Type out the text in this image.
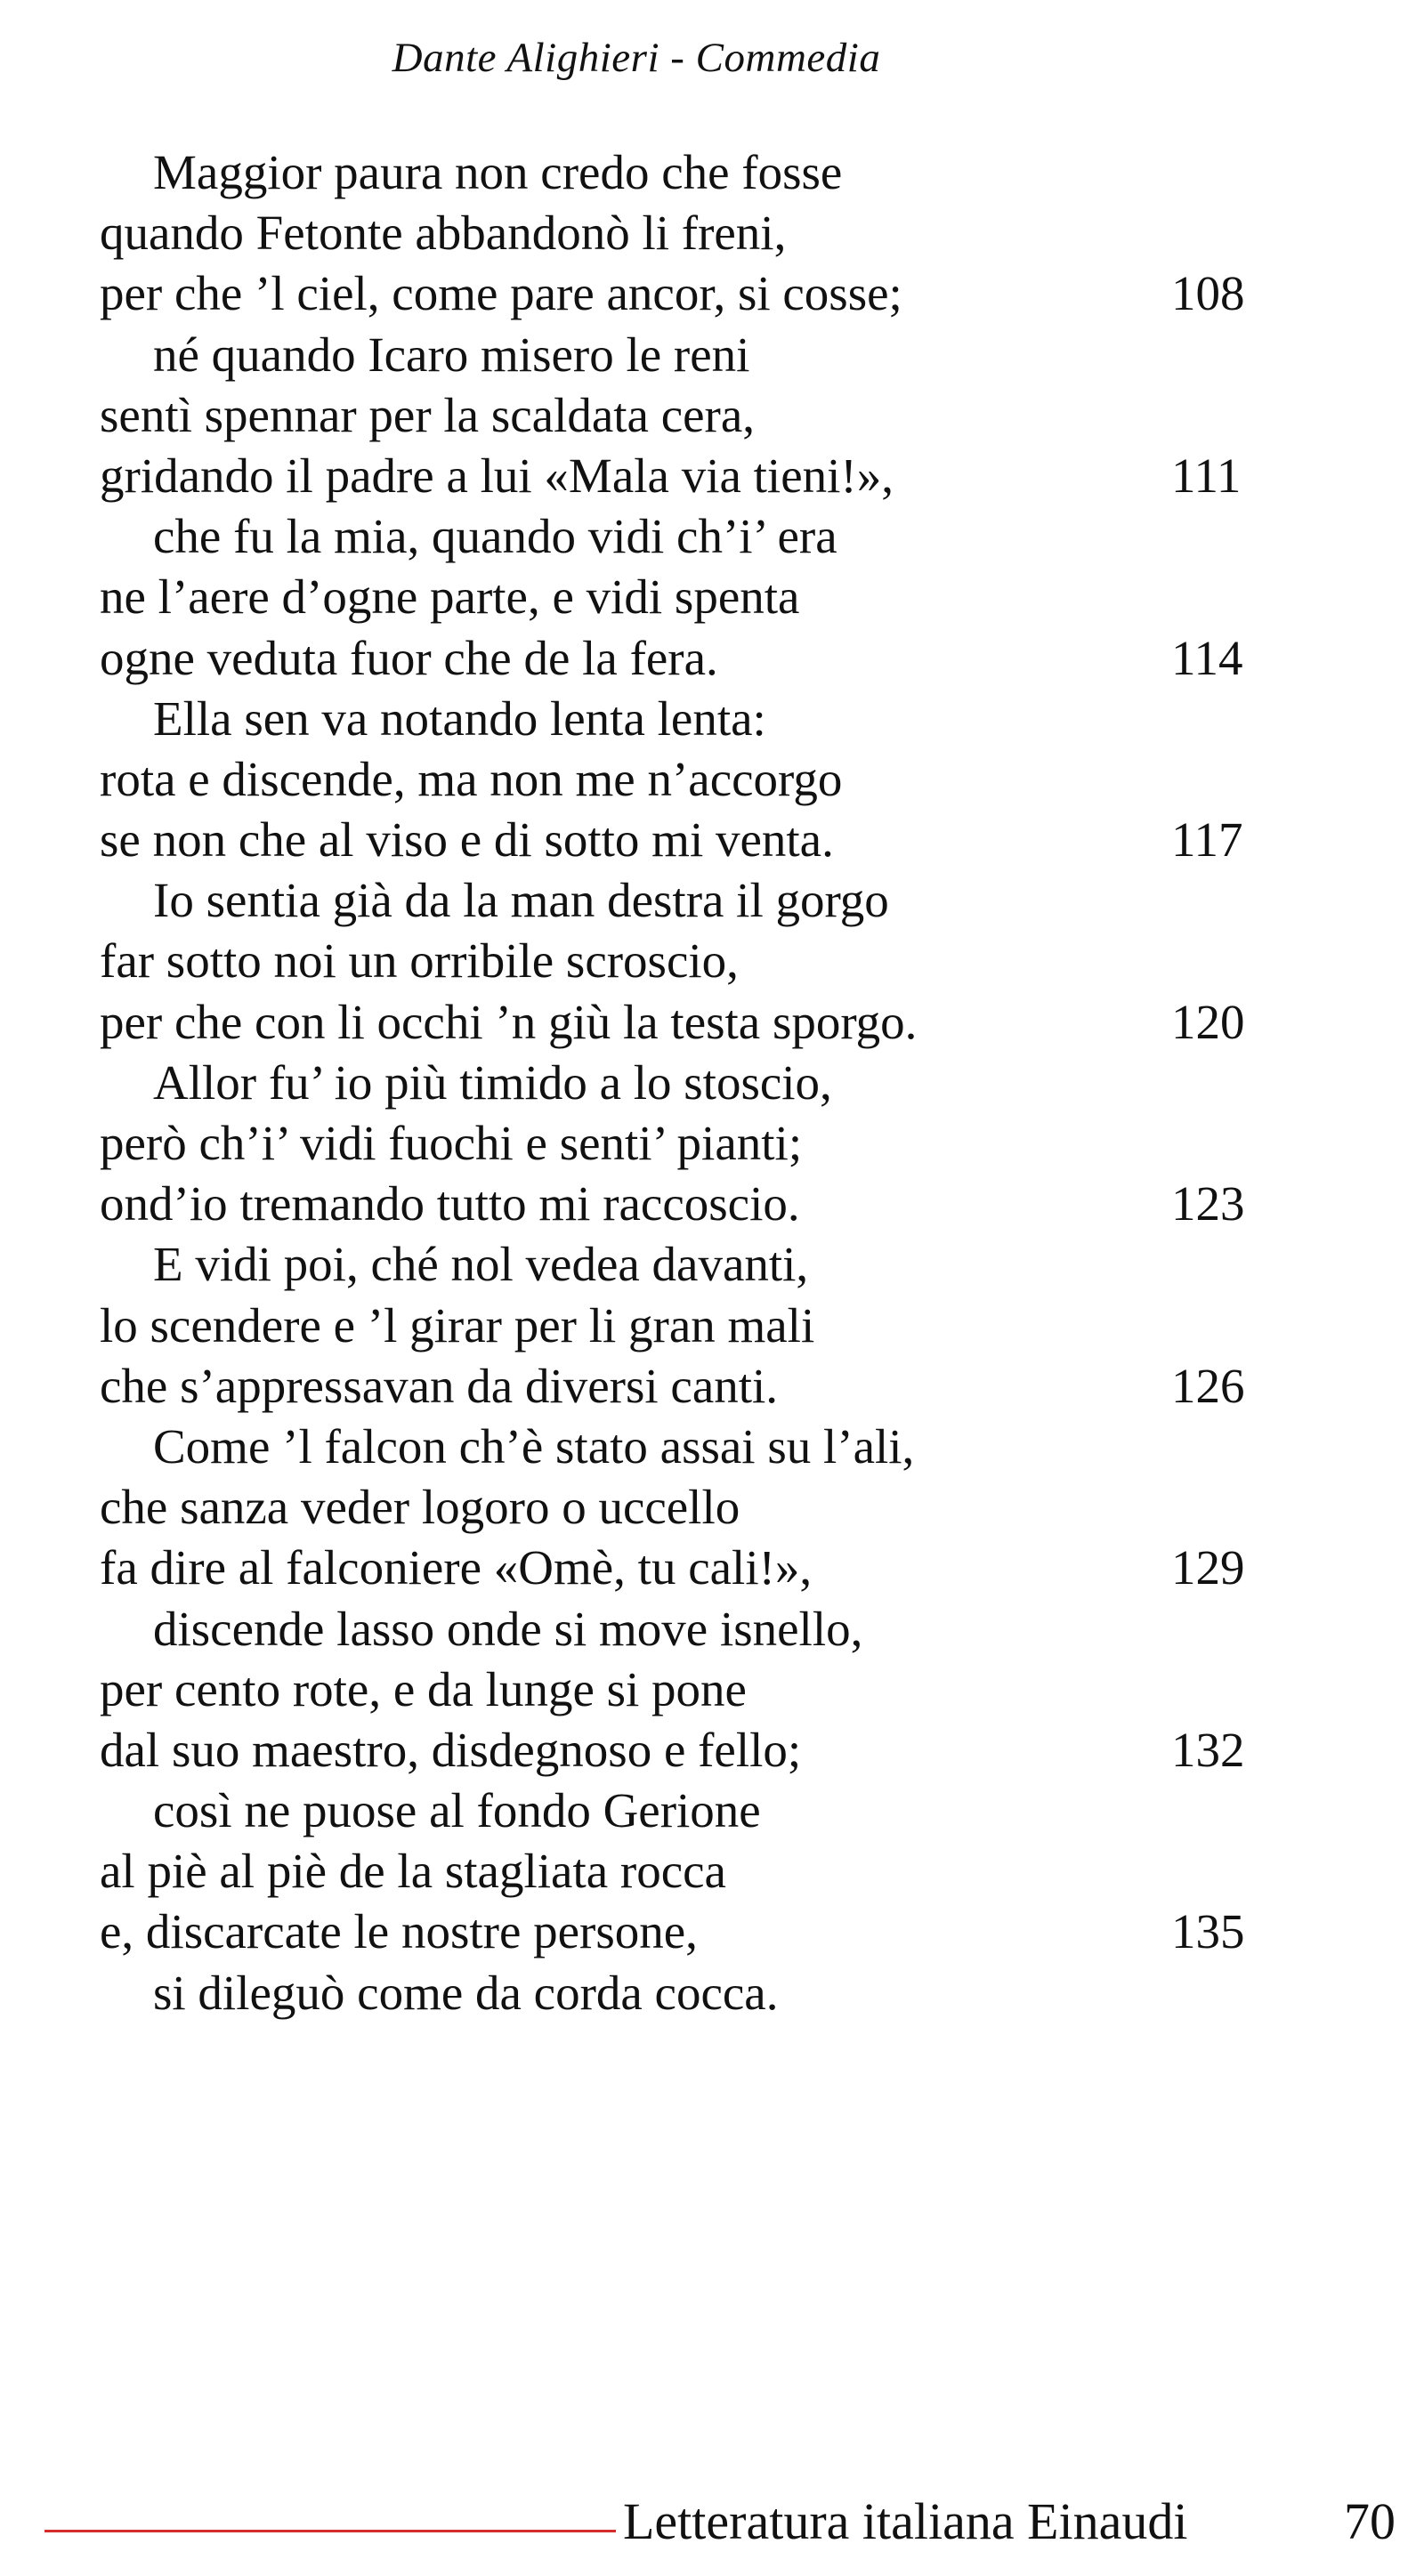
Dante Alighieri - Commedia
Maggior paura non credo che fosse
quando Fetonte abbandonò li freni,
per che ’l ciel, come pare ancor, si cosse;	108
né quando Icaro misero le reni
sentì spennar per la scaldata cera,
gridando il padre a lui «Mala via tieni!»,	111
che fu la mia, quando vidi ch’i’ era
ne l’aere d’ogne parte, e vidi spenta
ogne veduta fuor che de la fera.	114
Ella sen va notando lenta lenta:
rota e discende, ma non me n’accorgo
se non che al viso e di sotto mi venta.	117
Io sentia già da la man destra il gorgo
far sotto noi un orribile scroscio,
per che con li occhi ’n giù la testa sporgo.	120
Allor fu’ io più timido a lo stoscio,
però ch’i’ vidi fuochi e senti’ pianti;
ond’io tremando tutto mi raccoscio.	123
E vidi poi, ché nol vedea davanti,
lo scendere e ’l girar per li gran mali
che s’appressavan da diversi canti.	126
Come ’l falcon ch’è stato assai su l’ali,
che sanza veder logoro o uccello
fa dire al falconiere «Omè, tu cali!»,	129
discende lasso onde si move isnello,
per cento rote, e da lunge si pone
dal suo maestro, disdegnoso e fello;	132
così ne puose al fondo Gerione
al piè al piè de la stagliata rocca
e, discarcate le nostre persone,	135
si dileguò come da corda cocca.
Letteratura italiana Einaudi	70
